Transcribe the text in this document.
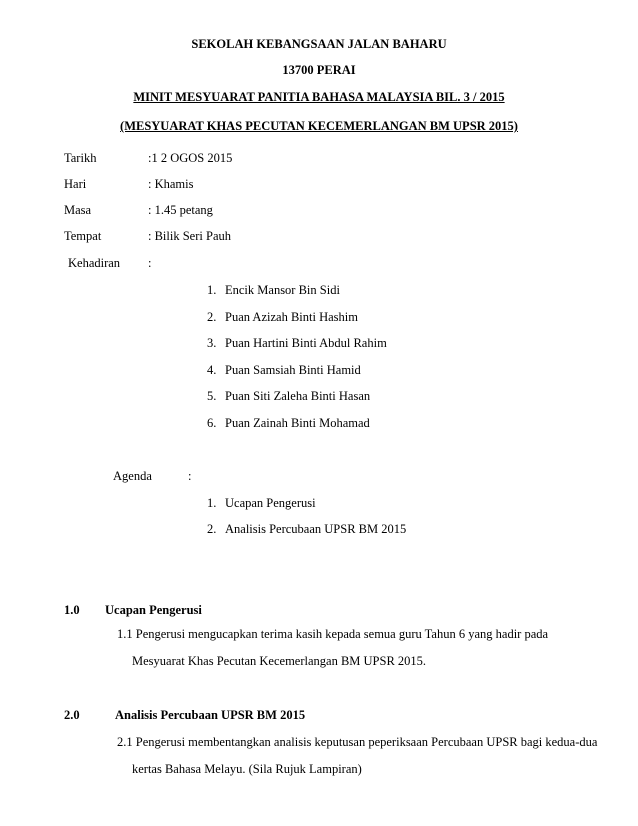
SEKOLAH KEBANGSAAN JALAN BAHARU
13700 PERAI
MINIT MESYUARAT PANITIA BAHASA MALAYSIA BIL. 3 / 2015
(MESYUARAT KHAS PECUTAN KECEMERLANGAN BM UPSR 2015)
Tarikh	:1 2 OGOS 2015
Hari	: Khamis
Masa	: 1.45 petang
Tempat	: Bilik Seri Pauh
Kehadiran :
1. Encik Mansor Bin Sidi
2. Puan Azizah Binti Hashim
3. Puan Hartini Binti Abdul Rahim
4. Puan Samsiah Binti Hamid
5. Puan Siti Zaleha Binti Hasan
6. Puan Zainah Binti Mohamad
Agenda	:
1. Ucapan Pengerusi
2. Analisis Percubaan UPSR BM 2015
1.0 Ucapan Pengerusi
1.1 Pengerusi mengucapkan terima kasih kepada semua guru Tahun 6 yang hadir pada
Mesyuarat Khas Pecutan Kecemerlangan BM UPSR 2015.
2.0	Analisis Percubaan UPSR BM 2015
2.1 Pengerusi membentangkan analisis keputusan peperiksaan Percubaan UPSR bagi kedua-dua
kertas Bahasa Melayu. (Sila Rujuk Lampiran)
